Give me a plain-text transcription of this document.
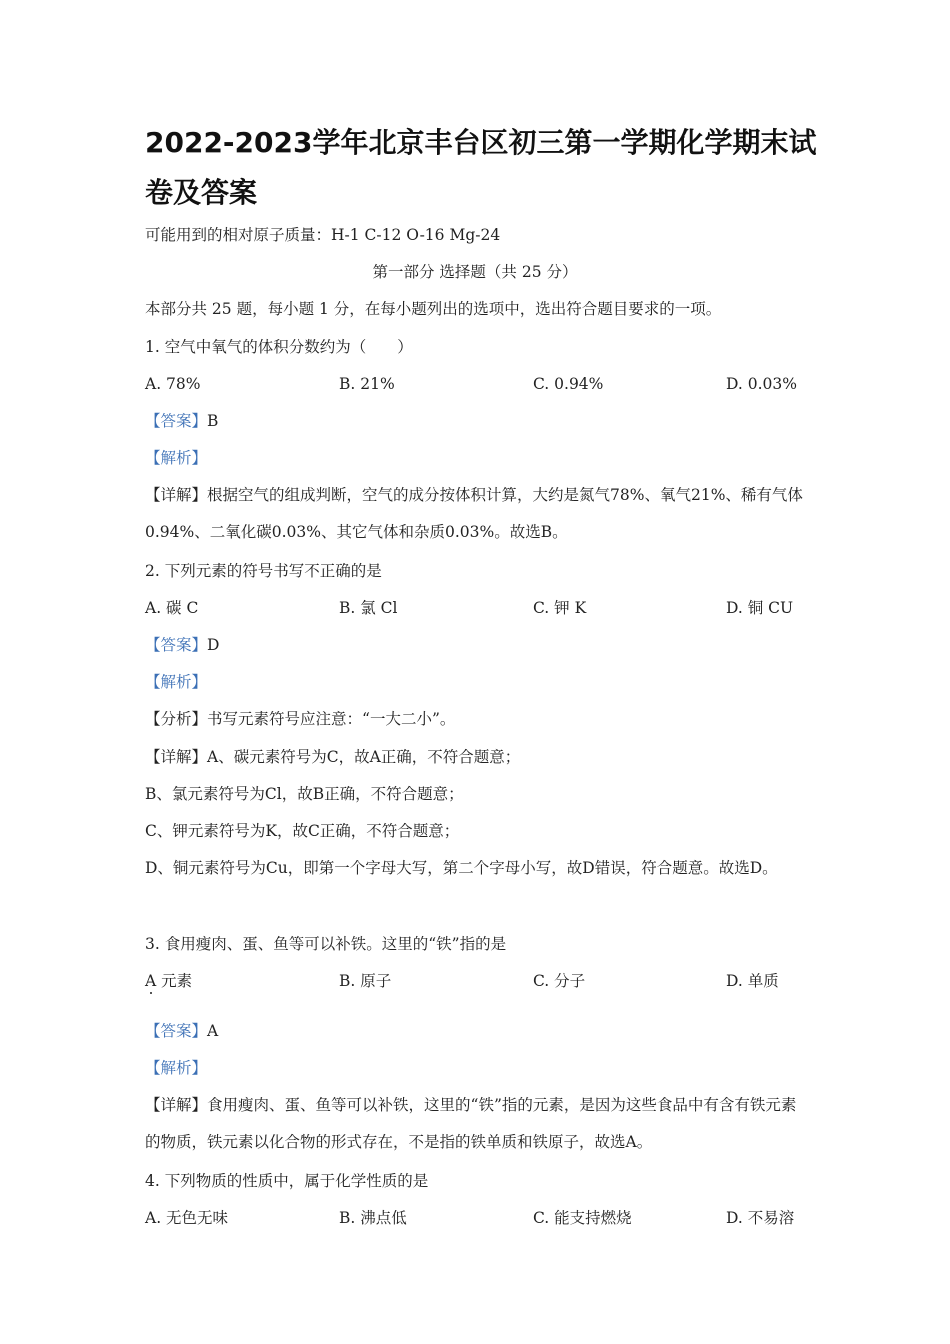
2022-2023学年北京丰台区初三第一学期化学期末试卷及答案
可能用到的相对原子质量：H-1 C-12 O-16 Mg-24
第一部分 选择题（共 25 分）
本部分共 25 题，每小题 1 分，在每小题列出的选项中，选出符合题目要求的一项。
1. 空气中氧气的体积分数约为（　　）
A. 78%	B. 21%	C. 0.94%	D. 0.03%
【答案】B
【解析】
【详解】根据空气的组成判断，空气的成分按体积计算，大约是氮气78%、氧气21%、稀有气体0.94%、二氧化碳0.03%、其它气体和杂质0.03%。故选B。
2. 下列元素的符号书写不正确的是
A. 碳 C	B. 氯 Cl	C. 钾 K	D. 铜 CU
【答案】D
【解析】
【分析】书写元素符号应注意：“一大二小”。
【详解】A、碳元素符号为C，故A正确，不符合题意；
B、氯元素符号为Cl，故B正确，不符合题意；
C、钾元素符号为K，故C正确，不符合题意；
D、铜元素符号为Cu，即第一个字母大写，第二个字母小写，故D错误，符合题意。故选D。
3. 食用瘦肉、蛋、鱼等可以补铁。这里的“铁”指的是
A 元素	B. 原子	C. 分子	D. 单质
【答案】A
【解析】
【详解】食用瘦肉、蛋、鱼等可以补铁，这里的“铁”指的元素，是因为这些食品中有含有铁元素的物质，铁元素以化合物的形式存在，不是指的铁单质和铁原子，故选A。
4. 下列物质的性质中，属于化学性质的是
A. 无色无味	B. 沸点低	C. 能支持燃烧	D. 不易溶
